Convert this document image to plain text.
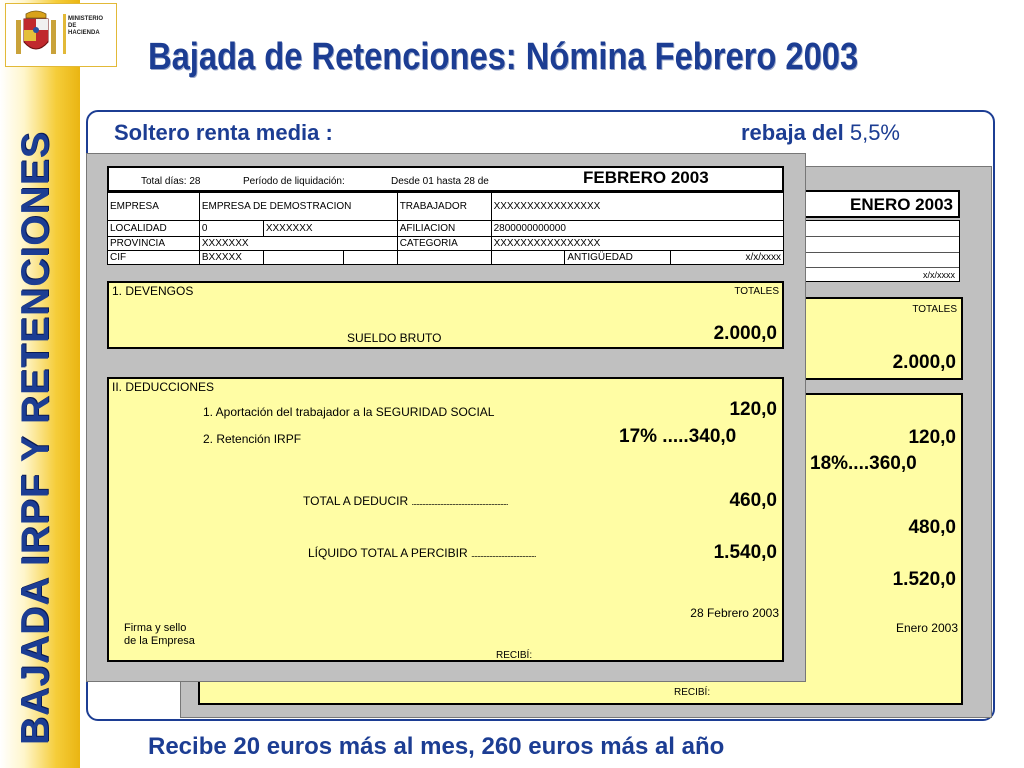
BAJADA IRPF Y RETENCIONES
MINISTERIO
DE
HACIENDA
Bajada de Retenciones: Nómina Febrero 2003
Soltero renta media :	rebaja del 5,5%
ENERO 2003
x/x/xxxx
TOTALES
2.000,0
120,0
18%....360,0
480,0
1.520,0
Enero 2003
RECIBÍ:
Total días: 28	Período de liquidación:	Desde 01 hasta 28 de	FEBRERO 2003
EMPRESA	EMPRESA DE DEMOSTRACION			TRABAJADOR	XXXXXXXXXXXXXXXX		
LOCALIDAD	0	XXXXXXX		AFILIACION	2800000000000		
PROVINCIA	XXXXXXX			CATEGORIA	XXXXXXXXXXXXXXXX		
CIF	BXXXXX					ANTIGÜEDAD	x/x/xxxx
1. DEVENGOS	TOTALES
SUELDO BRUTO	2.000,0
II. DEDUCCIONES
1. Aportación del trabajador a la SEGURIDAD SOCIAL	120,0
2. Retención IRPF	17% .....340,0
TOTAL A DEDUCIR ................................................................	460,0
LÍQUIDO TOTAL A PERCIBIR ...........................................	1.540,0
28 Febrero 2003
Firma y sello
de la Empresa
RECIBÍ:
Recibe 20 euros más al mes, 260 euros más al año
